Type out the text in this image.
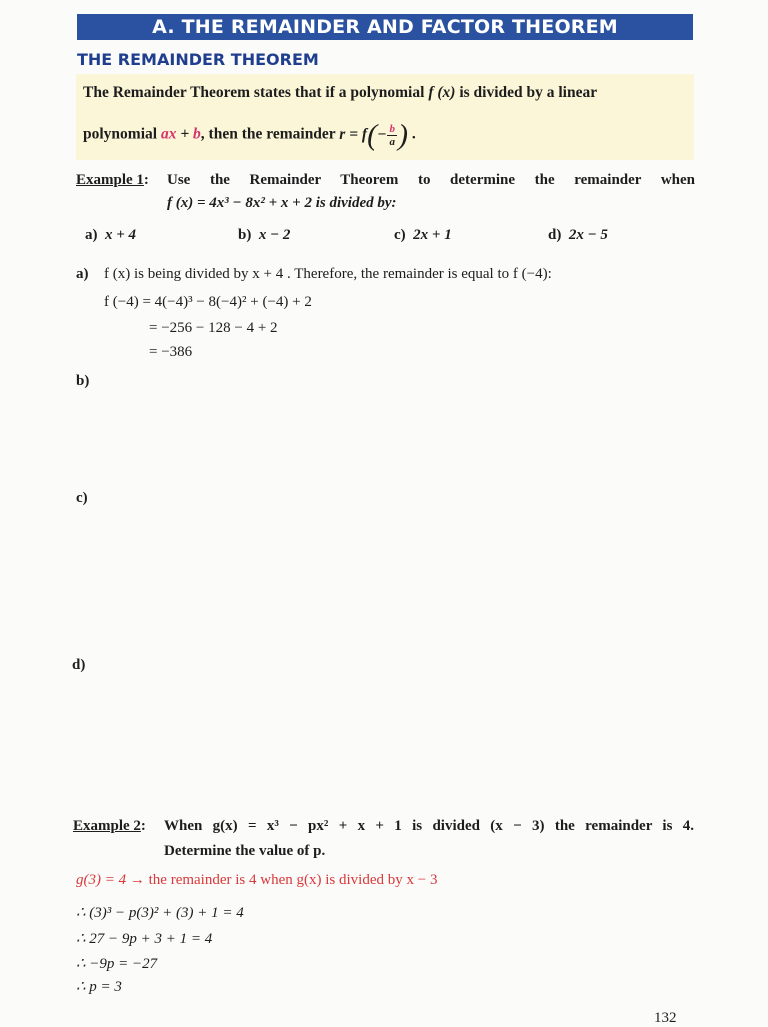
A. THE REMAINDER AND FACTOR THEOREM
THE REMAINDER THEOREM
The Remainder Theorem states that if a polynomial f (x) is divided by a linear
polynomial ax + b, then the remainder $r = f(- \frac{b}{a}$ ) .
Example 1: Use the Remainder Theorem to determine the remainder when
f (x) = 4x³ − 8x² + x + 2 is divided by:
a) x + 4	b) x − 2	c) 2x + 1	d) 2x − 5
a) f (x) is being divided by x + 4 . Therefore, the remainder is equal to f (−4):
f (−4) = 4(−4)³ − 8(−4)² + (−4) + 2
= −256 − 128 − 4 + 2
= −386
b)
c)
d)
Example 2: When g(x) = x³ − px² + x + 1 is divided (x − 3) the remainder is 4.
Determine the value of p.
g(3) = 4 → the remainder is 4 when g(x) is divided by x − 3
∴ (3)³ − p(3)² + (3) + 1 = 4
∴ 27 − 9p + 3 + 1 = 4
∴ −9p = −27
∴ p = 3
132
